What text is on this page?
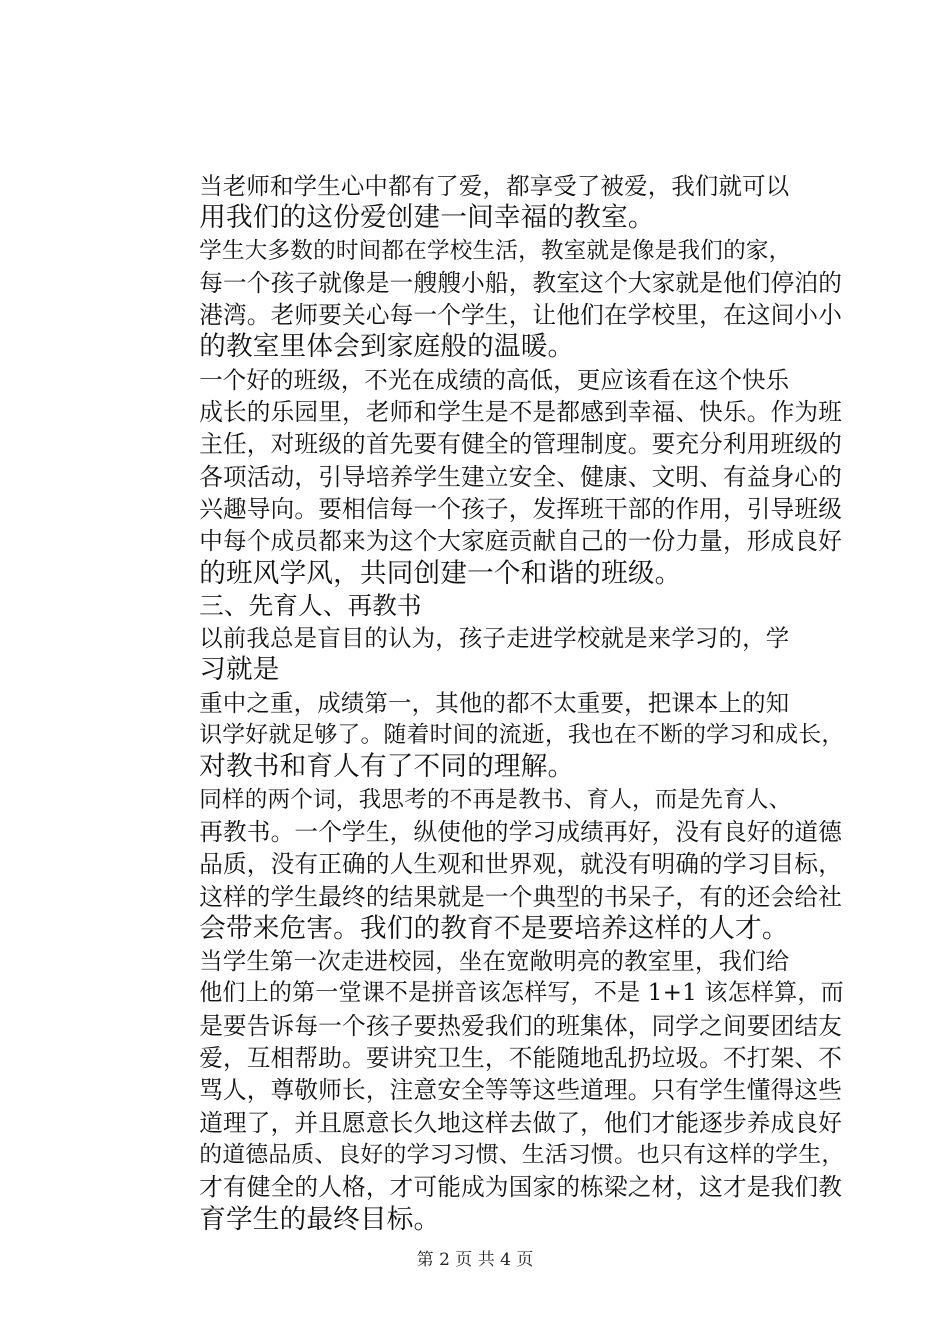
当老师和学生心中都有了爱，都享受了被爱，我们就可以
用我们的这份爱创建一间幸福的教室。

学生大多数的时间都在学校生活，教室就是像是我们的家，
每一个孩子就像是一艘艘小船，教室这个大家就是他们停泊的
港湾。老师要关心每一个学生，让他们在学校里，在这间小小
的教室里体会到家庭般的温暖。

一个好的班级，不光在成绩的高低，更应该看在这个快乐
成长的乐园里，老师和学生是不是都感到幸福、快乐。作为班
主任，对班级的首先要有健全的管理制度。要充分利用班级的
各项活动，引导培养学生建立安全、健康、文明、有益身心的
兴趣导向。要相信每一个孩子，发挥班干部的作用，引导班级
中每个成员都来为这个大家庭贡献自己的一份力量，形成良好
的班风学风，共同创建一个和谐的班级。

三、先育人、再教书

以前我总是盲目的认为，孩子走进学校就是来学习的，学
习就是

重中之重，成绩第一，其他的都不太重要，把课本上的知
识学好就足够了。随着时间的流逝，我也在不断的学习和成长，
对教书和育人有了不同的理解。

同样的两个词，我思考的不再是教书、育人，而是先育人、
再教书。一个学生，纵使他的学习成绩再好，没有良好的道德
品质，没有正确的人生观和世界观，就没有明确的学习目标，
这样的学生最终的结果就是一个典型的书呆子，有的还会给社
会带来危害。我们的教育不是要培养这样的人才。

当学生第一次走进校园，坐在宽敞明亮的教室里，我们给
他们上的第一堂课不是拼音该怎样写，不是 1+1 该怎样算，而
是要告诉每一个孩子要热爱我们的班集体，同学之间要团结友
爱，互相帮助。要讲究卫生，不能随地乱扔垃圾。不打架、不
骂人，尊敬师长，注意安全等等这些道理。只有学生懂得这些
道理了，并且愿意长久地这样去做了，他们才能逐步养成良好
的道德品质、良好的学习习惯、生活习惯。也只有这样的学生，
才有健全的人格，才可能成为国家的栋梁之材，这才是我们教
育学生的最终目标。

第 2 页 共 4 页
